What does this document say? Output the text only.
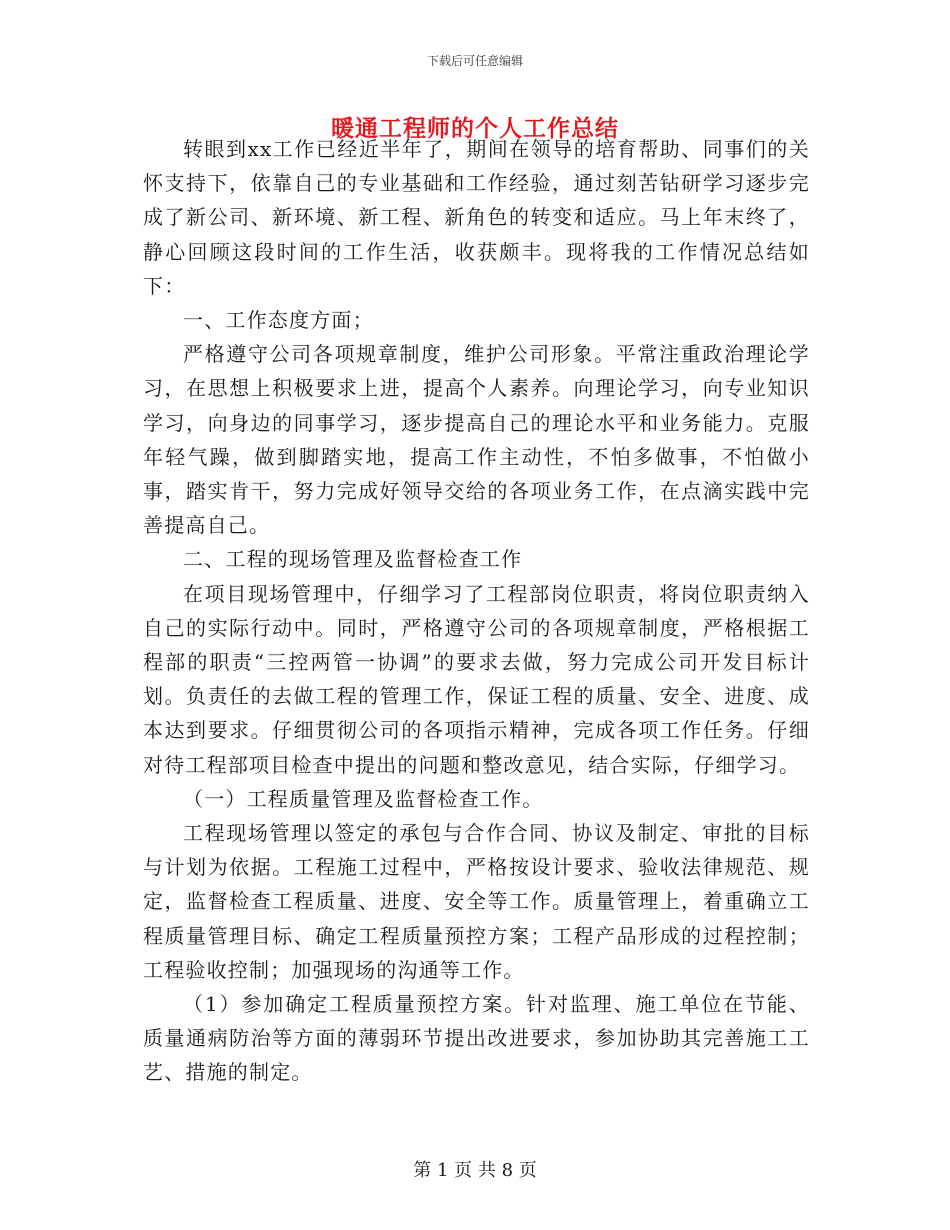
下载后可任意编辑
暖通工程师的个人工作总结

转眼到xx工作已经近半年了，期间在领导的培育帮助、同事们的关怀支持下，依靠自己的专业基础和工作经验，通过刻苦钻研学习逐步完成了新公司、新环境、新工程、新角色的转变和适应。马上年末终了，静心回顾这段时间的工作生活，收获颇丰。现将我的工作情况总结如下：

一、工作态度方面；

严格遵守公司各项规章制度，维护公司形象。平常注重政治理论学习，在思想上积极要求上进，提高个人素养。向理论学习，向专业知识学习，向身边的同事学习，逐步提高自己的理论水平和业务能力。克服年轻气躁，做到脚踏实地，提高工作主动性，不怕多做事，不怕做小事，踏实肯干，努力完成好领导交给的各项业务工作，在点滴实践中完善提高自己。

二、工程的现场管理及监督检查工作

在项目现场管理中，仔细学习了工程部岗位职责，将岗位职责纳入自己的实际行动中。同时，严格遵守公司的各项规章制度，严格根据工程部的职责“三控两管一协调”的要求去做，努力完成公司开发目标计划。负责任的去做工程的管理工作，保证工程的质量、安全、进度、成本达到要求。仔细贯彻公司的各项指示精神，完成各项工作任务。仔细对待工程部项目检查中提出的问题和整改意见，结合实际，仔细学习。

（一）工程质量管理及监督检查工作。

工程现场管理以签定的承包与合作合同、协议及制定、审批的目标与计划为依据。工程施工过程中，严格按设计要求、验收法律规范、规定，监督检查工程质量、进度、安全等工作。质量管理上，着重确立工程质量管理目标、确定工程质量预控方案；工程产品形成的过程控制；工程验收控制；加强现场的沟通等工作。

（1）参加确定工程质量预控方案。针对监理、施工单位在节能、质量通病防治等方面的薄弱环节提出改进要求，参加协助其完善施工工艺、措施的制定。

第 1 页 共 8 页
